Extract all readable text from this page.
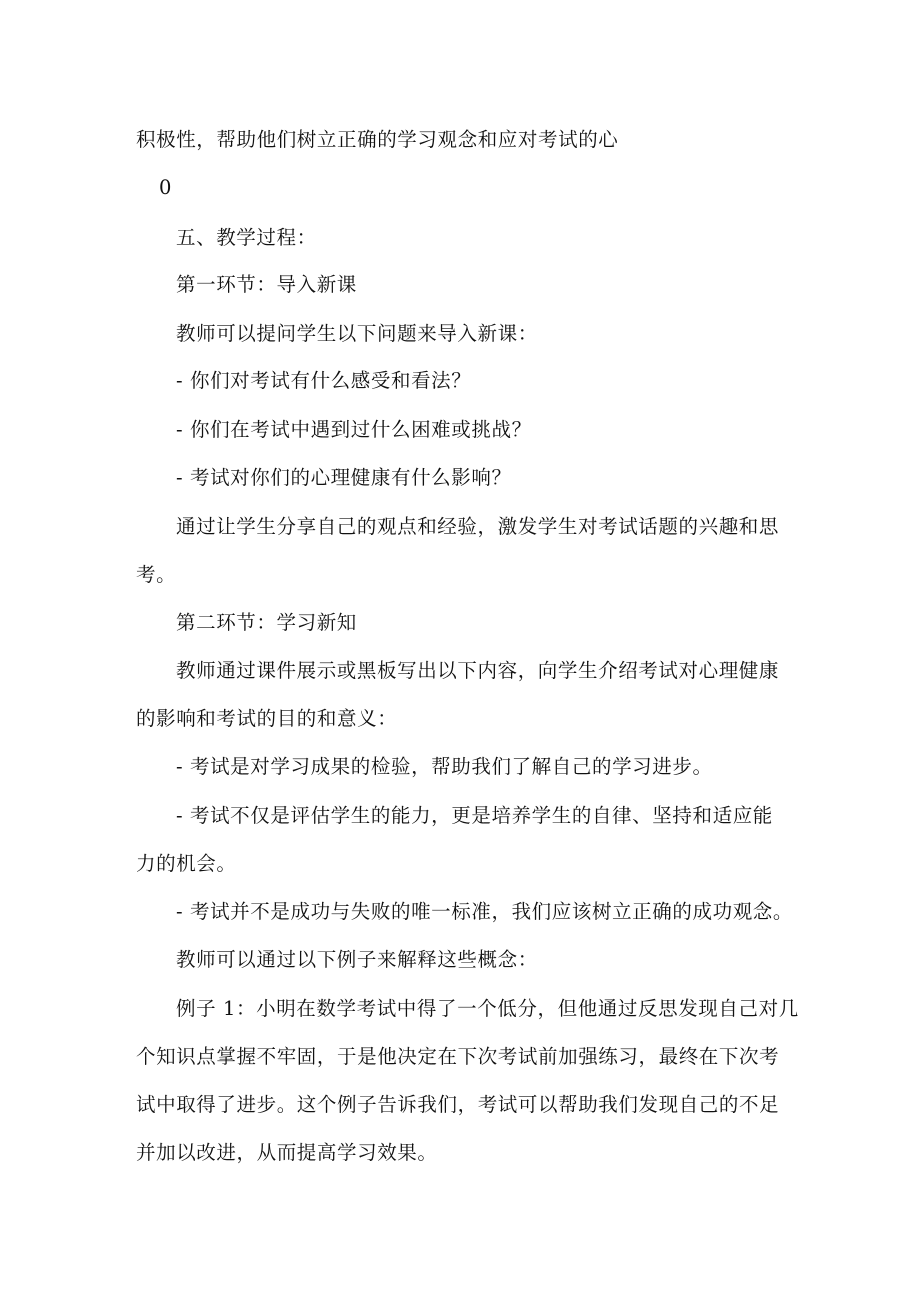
积极性，帮助他们树立正确的学习观念和应对考试的心
0
五、教学过程：
第一环节：导入新课
教师可以提问学生以下问题来导入新课：
- 你们对考试有什么感受和看法？
- 你们在考试中遇到过什么困难或挑战？
- 考试对你们的心理健康有什么影响？
通过让学生分享自己的观点和经验，激发学生对考试话题的兴趣和思
考。
第二环节：学习新知
教师通过课件展示或黑板写出以下内容，向学生介绍考试对心理健康
的影响和考试的目的和意义：
- 考试是对学习成果的检验，帮助我们了解自己的学习进步。
- 考试不仅是评估学生的能力，更是培养学生的自律、坚持和适应能
力的机会。
- 考试并不是成功与失败的唯一标准，我们应该树立正确的成功观念。
教师可以通过以下例子来解释这些概念：
例子 1：小明在数学考试中得了一个低分，但他通过反思发现自己对几
个知识点掌握不牢固，于是他决定在下次考试前加强练习，最终在下次考
试中取得了进步。这个例子告诉我们，考试可以帮助我们发现自己的不足
并加以改进，从而提高学习效果。
